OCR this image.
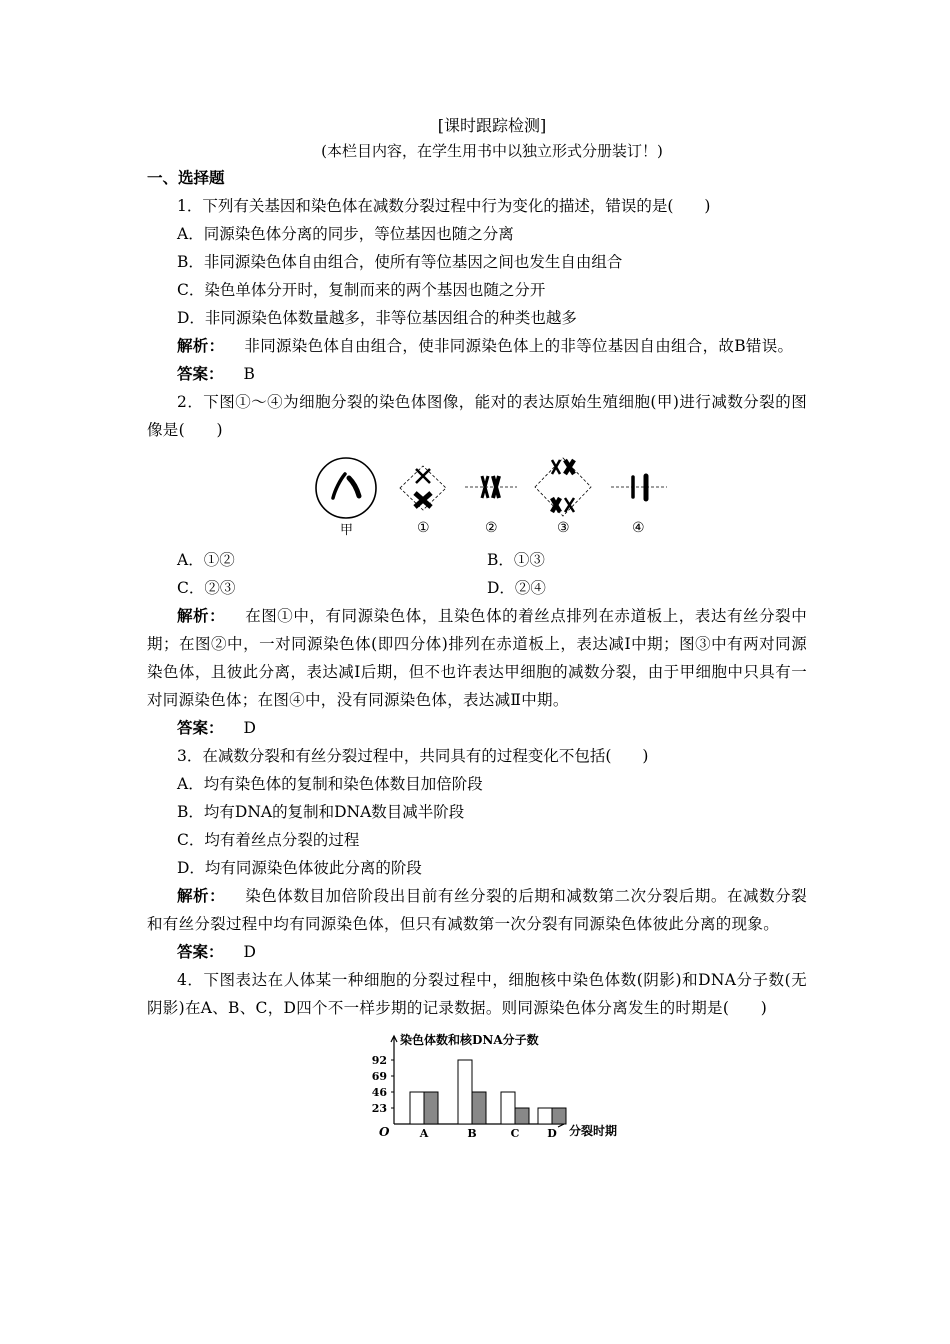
[课时跟踪检测]
(本栏目内容，在学生用书中以独立形式分册装订！)
一、选择题
1．下列有关基因和染色体在减数分裂过程中行为变化的描述，错误的是(　　)
A．同源染色体分离的同步，等位基因也随之分离
B．非同源染色体自由组合，使所有等位基因之间也发生自由组合
C．染色单体分开时，复制而来的两个基因也随之分开
D．非同源染色体数量越多，非等位基因组合的种类也越多
解析： 非同源染色体自由组合，使非同源染色体上的非等位基因自由组合，故B错误。
答案： B
2．下图①～④为细胞分裂的染色体图像，能对的表达原始生殖细胞(甲)进行减数分裂的图像是(　　)
甲	①	②	③	④
A．①②	B．①③
C．②③	D．②④
解析： 在图①中，有同源染色体，且染色体的着丝点排列在赤道板上，表达有丝分裂中期；在图②中，一对同源染色体(即四分体)排列在赤道板上，表达减Ⅰ中期；图③中有两对同源染色体，且彼此分离，表达减Ⅰ后期，但不也许表达甲细胞的减数分裂，由于甲细胞中只具有一对同源染色体；在图④中，没有同源染色体，表达减Ⅱ中期。
答案： D
3．在减数分裂和有丝分裂过程中，共同具有的过程变化不包括(　　)
A．均有染色体的复制和染色体数目加倍阶段
B．均有DNA的复制和DNA数目减半阶段
C．均有着丝点分裂的过程
D．均有同源染色体彼此分离的阶段
解析： 染色体数目加倍阶段出目前有丝分裂的后期和减数第二次分裂后期。在减数分裂和有丝分裂过程中均有同源染色体，但只有减数第一次分裂有同源染色体彼此分离的现象。
答案： D
4．下图表达在人体某一种细胞的分裂过程中，细胞核中染色体数(阴影)和DNA分子数(无阴影)在A、B、C，D四个不一样步期的记录数据。则同源染色体分离发生的时期是(　　)
染色体数和核DNA分子数
分裂时期
O
23
46
69
92
A	B	C	D
